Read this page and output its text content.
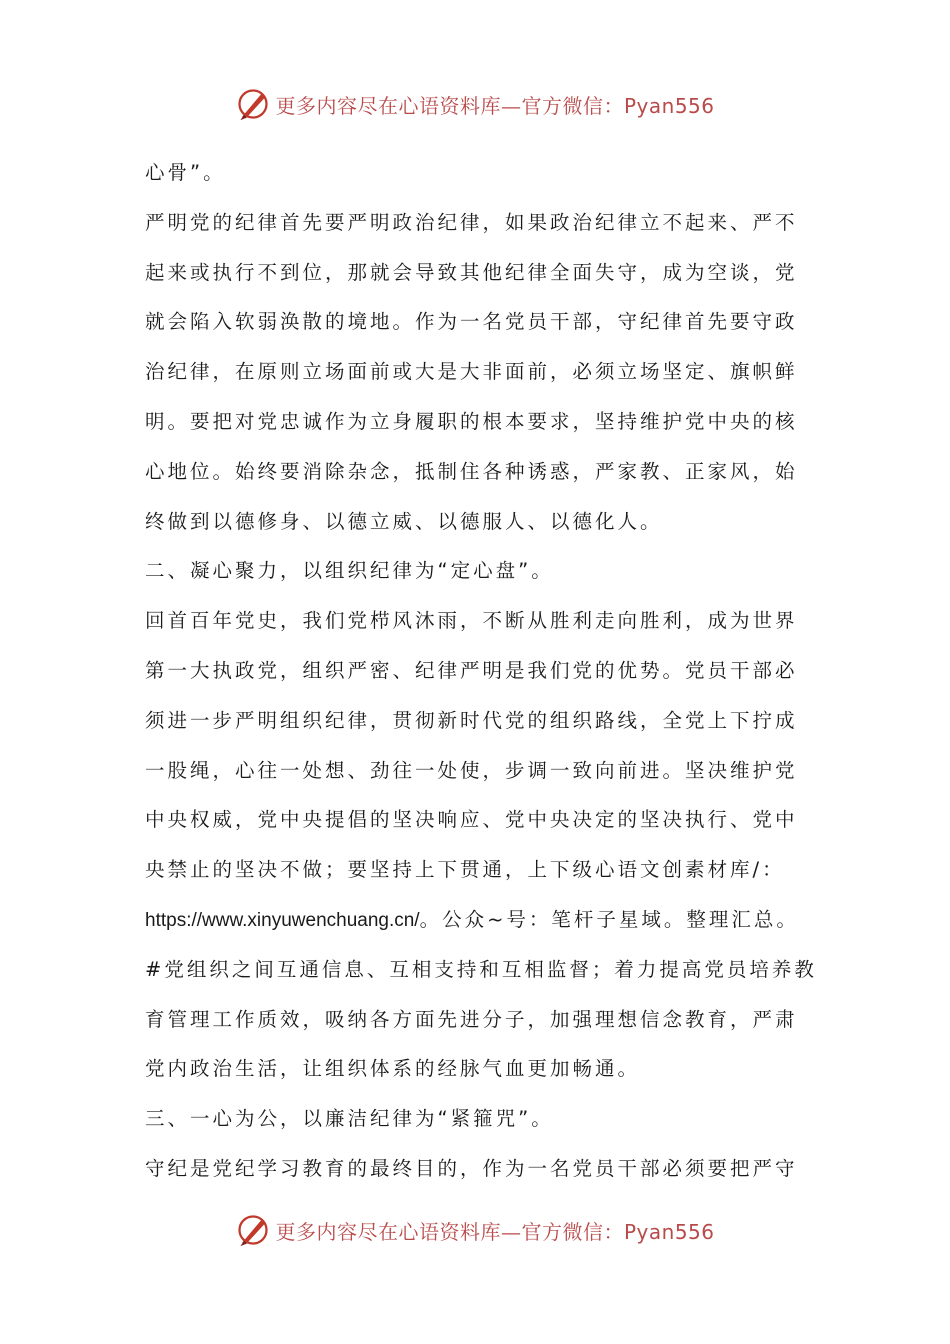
更多内容尽在心语资料库—官方微信：Pyan556
心骨”。
严明党的纪律首先要严明政治纪律，如果政治纪律立不起来、严不
起来或执行不到位，那就会导致其他纪律全面失守，成为空谈，党
就会陷入软弱涣散的境地。作为一名党员干部，守纪律首先要守政
治纪律，在原则立场面前或大是大非面前，必须立场坚定、旗帜鲜
明。要把对党忠诚作为立身履职的根本要求，坚持维护党中央的核
心地位。始终要消除杂念，抵制住各种诱惑，严家教、正家风，始
终做到以德修身、以德立威、以德服人、以德化人。
二、凝心聚力，以组织纪律为“定心盘”。
回首百年党史，我们党栉风沐雨，不断从胜利走向胜利，成为世界
第一大执政党，组织严密、纪律严明是我们党的优势。党员干部必
须进一步严明组织纪律，贯彻新时代党的组织路线，全党上下拧成
一股绳，心往一处想、劲往一处使，步调一致向前进。坚决维护党
中央权威，党中央提倡的坚决响应、党中央决定的坚决执行、党中
央禁止的坚决不做；要坚持上下贯通，上下级心语文创素材库/：
https://www.xinyuwenchuang.cn/。公众~号：笔杆子星域。整理汇总。
#党组织之间互通信息、互相支持和互相监督；着力提高党员培养教
育管理工作质效，吸纳各方面先进分子，加强理想信念教育，严肃
党内政治生活，让组织体系的经脉气血更加畅通。
三、一心为公，以廉洁纪律为“紧箍咒”。
守纪是党纪学习教育的最终目的，作为一名党员干部必须要把严守
更多内容尽在心语资料库—官方微信：Pyan556
